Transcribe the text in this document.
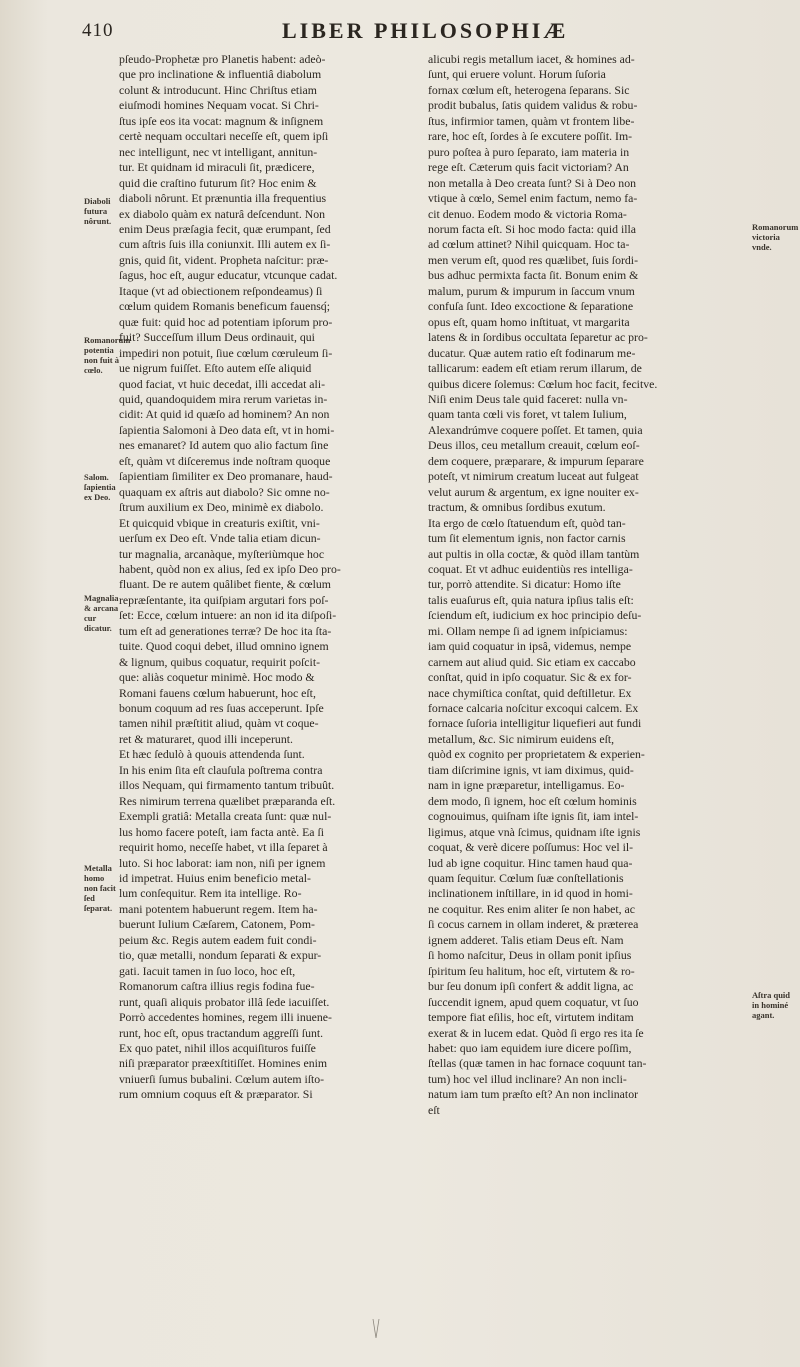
410	LIBER PHILOSOPHIÆ
pſeudo-Prophetæ pro Planetis habent: adeò-
que pro inclinatione & influentiâ diabolum
colunt & introducunt. Hinc Chriſtus etiam
eiuſmodi homines Nequam vocat. Si Chri-
ſtus ipſe eos ita vocat: magnum & inſignem
certè nequam occultari neceſſe eſt, quem ipſi
nec intelligunt, nec vt intelligant, annitun-
tur. Et quidnam id miraculi ſit, prædicere,
quid die craſtino futurum ſit? Hoc enim &
diaboli nôrunt. Et prænuntia illa frequentius
ex diabolo quàm ex naturâ deſcendunt. Non
enim Deus præſagia fecit, quæ erumpant, ſed
cum aſtris ſuis illa coniunxit. Illi autem ex ſi-
gnis, quid ſit, vident. Propheta naſcitur: præ-
ſagus, hoc eſt, augur educatur, vtcunque cadat.
Itaque (vt ad obiectionem reſpondeamus) ſi
cœlum quidem Romanis beneficum fauensq́;
quæ fuit: quid hoc ad potentiam ipſorum pro-
fuit? Succeſſum illum Deus ordinauit, qui
impediri non potuit, ſiue cœlum cœruleum ſi-
ue nigrum fuiſſet. Eſto autem eſſe aliquid
quod faciat, vt huic decedat, illi accedat ali-
quid, quandoquidem mira rerum varietas in-
cidit: At quid id quæſo ad hominem? An non
ſapientia Salomoni à Deo data eſt, vt in homi-
nes emanaret? Id autem quo alio factum ſine
eſt, quàm vt diſceremus inde noſtram quoque
ſapientiam ſimiliter ex Deo promanare, haud-
quaquam ex aſtris aut diabolo? Sic omne no-
ſtrum auxilium ex Deo, minimè ex diabolo.
Et quicquid vbique in creaturis exiſtit, vni-
uerſum ex Deo eſt. Vnde talia etiam dicun-
tur magnalia, arcanàque, myſteriùmque hoc
habent, quòd non ex alius, ſed ex ipſo Deo pro-
fluant. De re autem quâlibet fiente, & cœlum
repræſentante, ita quiſpiam argutari fors poſ-
ſet: Ecce, cœlum intuere: an non id ita diſpoſi-
tum eſt ad generationes terræ? De hoc ita ſta-
tuite. Quod coqui debet, illud omnino ignem
& lignum, quibus coquatur, requirit poſcit-
que: aliàs coquetur minimè. Hoc modo &
Romani fauens cœlum habuerunt, hoc eſt,
bonum coquum ad res ſuas acceperunt. Ipſe
tamen nihil præſtitit aliud, quàm vt coque-
ret & maturaret, quod illi inceperunt.
Et hæc ſedulò à quouis attendenda ſunt.
In his enim ſita eſt clauſula poſtrema contra
illos Nequam, qui firmamento tantum tribuût.
Res nimirum terrena quælibet præparanda eſt.
Exempli gratiâ: Metalla creata ſunt: quæ nul-
lus homo facere poteſt, iam facta antè. Ea ſi
requirit homo, neceſſe habet, vt illa ſeparet à
luto. Si hoc laborat: iam non, niſi per ignem
id impetrat. Huius enim beneficio metal-
lum conſequitur. Rem ita intellige. Ro-
mani potentem habuerunt regem. Item ha-
buerunt Iulium Cæſarem, Catonem, Pom-
peium &c. Regis autem eadem fuit condi-
tio, quæ metalli, nondum ſeparati & expur-
gati. Iacuit tamen in ſuo loco, hoc eſt,
Romanorum caſtra illius regis fodina fue-
runt, quaſi aliquis probator illâ ſede iacuiſſet.
Porrò accedentes homines, regem illi inuene-
runt, hoc eſt, opus tractandum aggreſſi ſunt.
Ex quo patet, nihil illos acquiſituros fuiſſe
niſi præparator præexſtitiſſet. Homines enim
vniuerſi ſumus bubalini. Cœlum autem iſto-
rum omnium coquus eſt & præparator. Si
alicubi regis metallum iacet, & homines ad-
ſunt, qui eruere volunt. Horum ſuſoria
fornax cœlum eſt, heterogena ſeparans. Sic
prodit bubalus, ſatis quidem validus & robu-
ſtus, infirmior tamen, quàm vt frontem libe-
rare, hoc eſt, ſordes à ſe excutere poſſit. Im-
puro poſtea à puro ſeparato, iam materia in
rege eſt. Cæterum quis facit victoriam? An
non metalla à Deo creata ſunt? Si à Deo non
vtique à cœlo, Semel enim factum, nemo fa-
cit denuo. Eodem modo & victoria Roma-
norum facta eſt. Si hoc modo facta: quid illa
ad cœlum attinet? Nihil quicquam. Hoc ta-
men verum eſt, quod res quælibet, ſuis ſordi-
bus adhuc permixta facta ſit. Bonum enim &
malum, purum & impurum in ſaccum vnum
confuſa ſunt. Ideo excoctione & ſeparatione
opus eſt, quam homo inſtituat, vt margarita
latens & in ſordibus occultata ſeparetur ac pro-
ducatur. Quæ autem ratio eſt fodinarum me-
tallicarum: eadem eſt etiam rerum illarum, de
quibus dicere ſolemus: Cœlum hoc facit, fecitve.
Niſi enim Deus tale quid faceret: nulla vn-
quam tanta cœli vis foret, vt talem Iulium,
Alexandrúmve coquere poſſet. Et tamen, quia
Deus illos, ceu metallum creauit, cœlum eoſ-
dem coquere, præparare, & impurum ſeparare
poteſt, vt nimirum creatum luceat aut fulgeat
velut aurum & argentum, ex igne nouiter ex-
tractum, & omnibus ſordibus exutum.
Ita ergo de cœlo ſtatuendum eſt, quòd tan-
tum ſit elementum ignis, non factor carnis
aut pultis in olla coctæ, & quòd illam tantùm
coquat. Et vt adhuc euidentiùs res intelliga-
tur, porrò attendite. Si dicatur: Homo iſte
talis euaſurus eſt, quia natura ipſius talis eſt:
ſciendum eſt, iudicium ex hoc principio deſu-
mi. Ollam nempe ſi ad ignem inſpiciamus:
iam quid coquatur in ipsâ, videmus, nempe
carnem aut aliud quid. Sic etiam ex caccabo
conſtat, quid in ipſo coquatur. Sic & ex for-
nace chymiſtica conſtat, quid deſtilletur. Ex
fornace calcaria noſcitur excoqui calcem. Ex
fornace ſuſoria intelligitur liquefieri aut fundi
metallum, &c. Sic nimirum euidens eſt,
quòd ex cognito per proprietatem & experien-
tiam diſcrimine ignis, vt iam diximus, quid-
nam in igne præparetur, intelligamus. Eo-
dem modo, ſi ignem, hoc eſt cœlum hominis
cognouimus, quiſnam iſte ignis ſit, iam intel-
ligimus, atque vnà ſcimus, quidnam iſte ignis
coquat, & verè dicere poſſumus: Hoc vel il-
lud ab igne coquitur. Hinc tamen haud qua-
quam ſequitur. Cœlum ſuæ conſtellationis
inclinationem inſtillare, in id quod in homi-
ne coquitur. Res enim aliter ſe non habet, ac
ſi cocus carnem in ollam inderet, & præterea
ignem adderet. Talis etiam Deus eſt. Nam
ſi homo naſcitur, Deus in ollam ponit ipſius
ſpiritum ſeu halitum, hoc eſt, virtutem & ro-
bur ſeu donum ipſi confert & addit ligna, ac
ſuccendit ignem, apud quem coquatur, vt ſuo
tempore fiat eſilis, hoc eſt, virtutem inditam
exerat & in lucem edat. Quòd ſi ergo res ita ſe
habet: quo iam equidem iure dicere poſſim,
ſtellas (quæ tamen in hac fornace coquunt tan-
tum) hoc vel illud inclinare? An non incli-
natum iam tum præſto eſt? An non inclinator
eſt
Diaboli futura nôrunt.
Romanorum potentia non fuit à cœlo.
Salom. ſapientia ex Deo.
Magnalia & arcana cur dicatur.
Metalla homo non facit ſed ſeparat.
Romanorum victoria vnde.
Aſtra quid in hominé agant.
